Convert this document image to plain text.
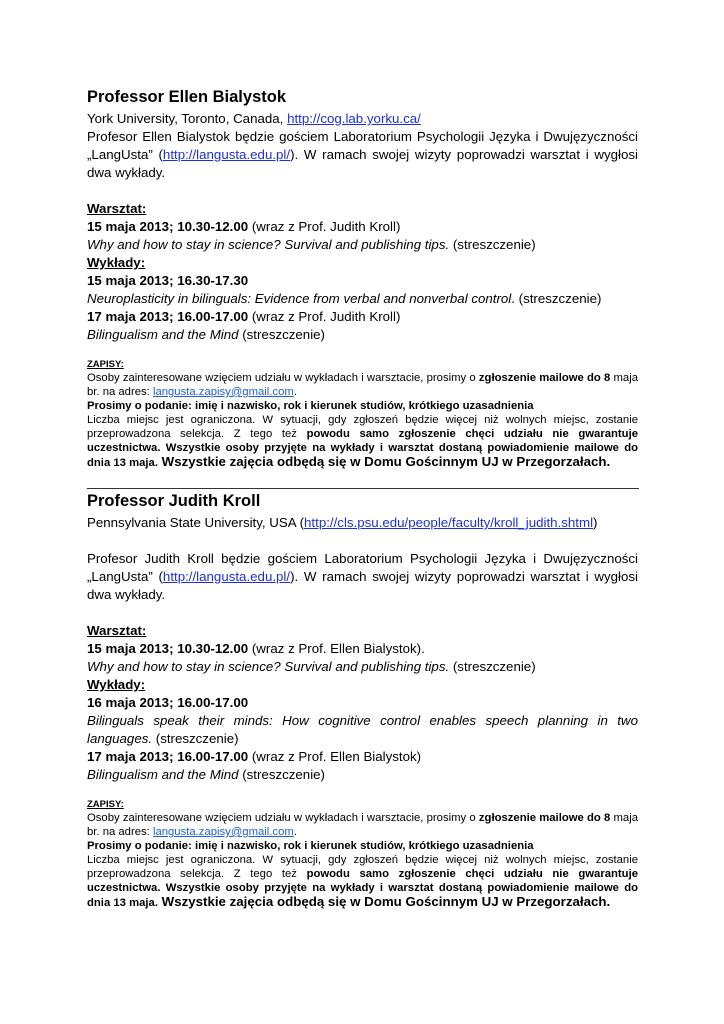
Professor Ellen Bialystok

York University, Toronto, Canada, http://cog.lab.yorku.ca/

Profesor Ellen Bialystok będzie gościem Laboratorium Psychologii Języka i Dwujęzyczności „LangUsta” (http://langusta.edu.pl/). W ramach swojej wizyty poprowadzi warsztat i wygłosi dwa wykłady.

Warsztat:

15 maja 2013; 10.30-12.00 (wraz z Prof. Judith Kroll)

Why and how to stay in science? Survival and publishing tips. (streszczenie)

Wykłady:

15 maja 2013; 16.30-17.30

Neuroplasticity in bilinguals: Evidence from verbal and nonverbal control. (streszczenie)

17 maja 2013; 16.00-17.00 (wraz z Prof. Judith Kroll)

Bilingualism and the Mind (streszczenie)

ZAPISY:

Osoby zainteresowane wzięciem udziału w wykładach i warsztacie, prosimy o zgłoszenie mailowe do 8 maja br. na adres: langusta.zapisy@gmail.com.

Prosimy o podanie: imię i nazwisko, rok i kierunek studiów, krótkiego uzasadnienia

Liczba miejsc jest ograniczona. W sytuacji, gdy zgłoszeń będzie więcej niż wolnych miejsc, zostanie przeprowadzona selekcja. Z tego też powodu samo zgłoszenie chęci udziału nie gwarantuje uczestnictwa. Wszystkie osoby przyjęte na wykłady i warsztat dostaną powiadomienie mailowe do dnia 13 maja. Wszystkie zajęcia odbędą się w Domu Gościnnym UJ w Przegorzałach.

Professor Judith Kroll

Pennsylvania State University, USA (http://cls.psu.edu/people/faculty/kroll_judith.shtml)

Profesor Judith Kroll będzie gościem Laboratorium Psychologii Języka i Dwujęzyczności „LangUsta” (http://langusta.edu.pl/). W ramach swojej wizyty poprowadzi warsztat i wygłosi dwa wykłady.

Warsztat:

15 maja 2013; 10.30-12.00 (wraz z Prof. Ellen Bialystok).

Why and how to stay in science? Survival and publishing tips. (streszczenie)

Wykłady:

16 maja 2013; 16.00-17.00

Bilinguals speak their minds: How cognitive control enables speech planning in two languages. (streszczenie)

17 maja 2013; 16.00-17.00 (wraz z Prof. Ellen Bialystok)

Bilingualism and the Mind (streszczenie)

ZAPISY:

Osoby zainteresowane wzięciem udziału w wykładach i warsztacie, prosimy o zgłoszenie mailowe do 8 maja br. na adres: langusta.zapisy@gmail.com.

Prosimy o podanie: imię i nazwisko, rok i kierunek studiów, krótkiego uzasadnienia

Liczba miejsc jest ograniczona. W sytuacji, gdy zgłoszeń będzie więcej niż wolnych miejsc, zostanie przeprowadzona selekcja. Z tego też powodu samo zgłoszenie chęci udziału nie gwarantuje uczestnictwa. Wszystkie osoby przyjęte na wykłady i warsztat dostaną powiadomienie mailowe do dnia 13 maja. Wszystkie zajęcia odbędą się w Domu Gościnnym UJ w Przegorzałach.
